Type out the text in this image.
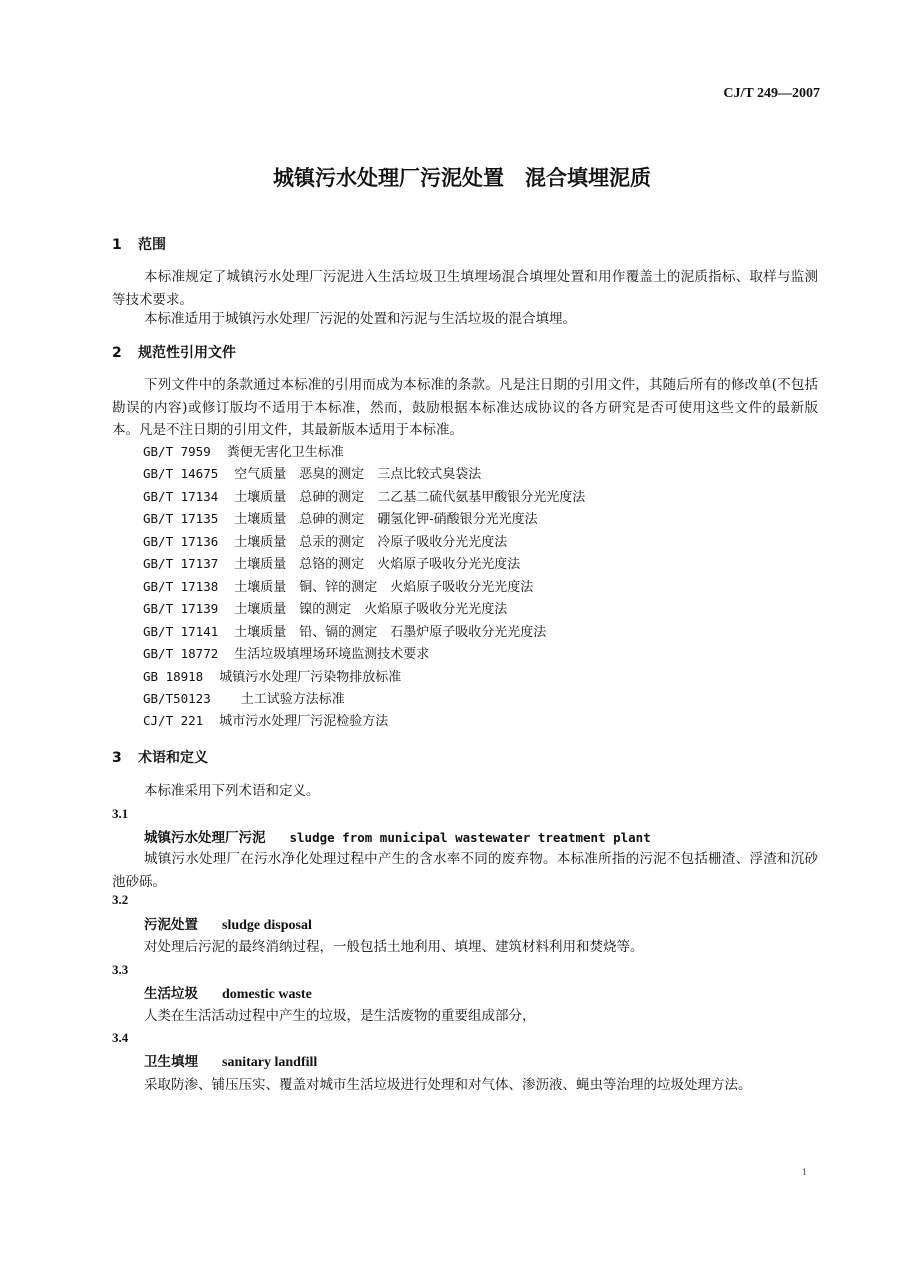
CJ/T 249—2007
城镇污水处理厂污泥处置　混合填埋泥质
1 范围
本标准规定了城镇污水处理厂污泥进入生活垃圾卫生填埋场混合填埋处置和用作覆盖土的泥质指标、取样与监测等技术要求。
本标准适用于城镇污水处理厂污泥的处置和污泥与生活垃圾的混合填埋。
2 规范性引用文件
下列文件中的条款通过本标准的引用而成为本标准的条款。凡是注日期的引用文件，其随后所有的修改单(不包括勘误的内容)或修订版均不适用于本标准，然而，鼓励根据本标准达成协议的各方研究是否可使用这些文件的最新版本。凡是不注日期的引用文件，其最新版本适用于本标准。
GB/T 7959 粪便无害化卫生标准
GB/T 14675 空气质量　恶臭的测定　三点比较式臭袋法
GB/T 17134 土壤质量　总砷的测定　二乙基二硫代氨基甲酸银分光光度法
GB/T 17135 土壤质量　总砷的测定　硼氢化钾-硝酸银分光光度法
GB/T 17136 土壤质量　总汞的测定　冷原子吸收分光光度法
GB/T 17137 土壤质量　总铬的测定　火焰原子吸收分光光度法
GB/T 17138 土壤质量　铜、锌的测定　火焰原子吸收分光光度法
GB/T 17139 土壤质量　镍的测定　火焰原子吸收分光光度法
GB/T 17141 土壤质量　铅、镉的测定　石墨炉原子吸收分光光度法
GB/T 18772 生活垃圾填埋场环境监测技术要求
GB 18918 城镇污水处理厂污染物排放标准
GB/T50123 土工试验方法标准
CJ/T 221 城市污水处理厂污泥检验方法
3 术语和定义
本标准采用下列术语和定义。
3.1
城镇污水处理厂污泥 sludge from municipal wastewater treatment plant
城镇污水处理厂在污水净化处理过程中产生的含水率不同的废弃物。本标准所指的污泥不包括栅渣、浮渣和沉砂池砂砾。
3.2
污泥处置 sludge disposal
对处理后污泥的最终消纳过程，一般包括土地利用、填埋、建筑材料利用和焚烧等。
3.3
生活垃圾 domestic waste
人类在生活活动过程中产生的垃圾，是生活废物的重要组成部分，
3.4
卫生填埋 sanitary landfill
采取防渗、铺压压实、覆盖对城市生活垃圾进行处理和对气体、渗沥液、蝇虫等治理的垃圾处理方法。
1
